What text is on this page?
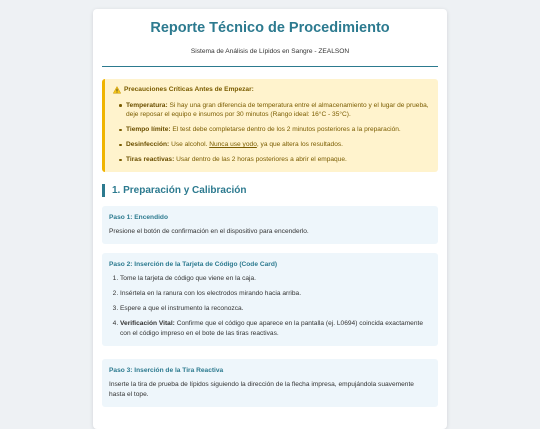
Reporte Técnico de Procedimiento
Sistema de Análisis de Lípidos en Sangre - ZEALSON
Precauciones Críticas Antes de Empezar:
Temperatura: Si hay una gran diferencia de temperatura entre el almacenamiento y el lugar de prueba, deje reposar el equipo e insumos por 30 minutos (Rango ideal: 16°C - 35°C).
Tiempo límite: El test debe completarse dentro de los 2 minutos posteriores a la preparación.
Desinfección: Use alcohol. Nunca use yodo, ya que altera los resultados.
Tiras reactivas: Usar dentro de las 2 horas posteriores a abrir el empaque.
1. Preparación y Calibración
Paso 1: Encendido
Presione el botón de confirmación en el dispositivo para encenderlo.
Paso 2: Inserción de la Tarjeta de Código (Code Card)
1. Tome la tarjeta de código que viene en la caja.
2. Insértela en la ranura con los electrodos mirando hacia arriba.
3. Espere a que el instrumento la reconozca.
4. Verificación Vital: Confirme que el código que aparece en la pantalla (ej. L0694) coincida exactamente con el código impreso en el bote de las tiras reactivas.
Paso 3: Inserción de la Tira Reactiva
Inserte la tira de prueba de lípidos siguiendo la dirección de la flecha impresa, empujándola suavemente hasta el tope.
